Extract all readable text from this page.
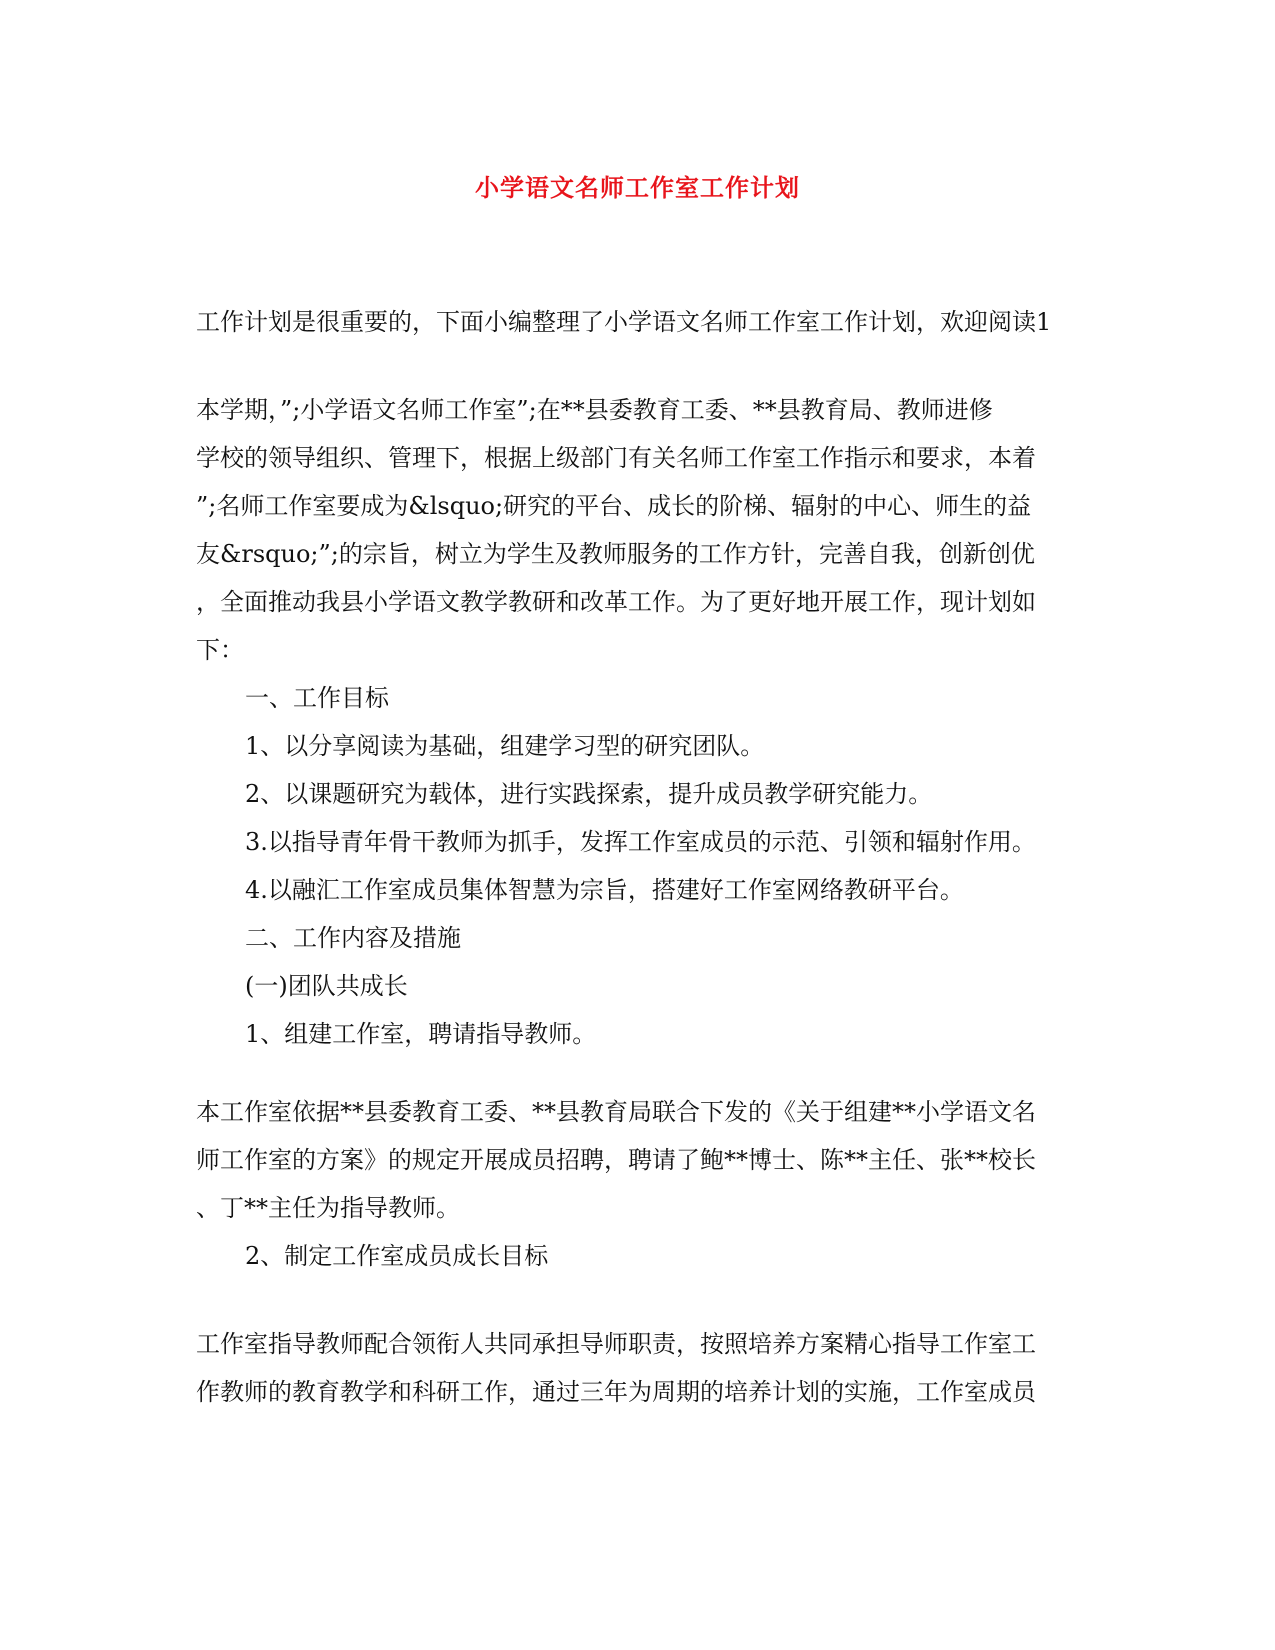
小学语文名师工作室工作计划
工作计划是很重要的，下面小编整理了小学语文名师工作室工作计划，欢迎阅读1
本学期，”;小学语文名师工作室”;在**县委教育工委、**县教育局、教师进修
学校的领导组织、管理下，根据上级部门有关名师工作室工作指示和要求，本着
”;名师工作室要成为&lsquo;研究的平台、成长的阶梯、辐射的中心、师生的益
友&rsquo;”;的宗旨，树立为学生及教师服务的工作方针，完善自我，创新创优
，全面推动我县小学语文教学教研和改革工作。为了更好地开展工作，现计划如
下：
一、工作目标
1、以分享阅读为基础，组建学习型的研究团队。
2、以课题研究为载体，进行实践探索，提升成员教学研究能力。
3.以指导青年骨干教师为抓手，发挥工作室成员的示范、引领和辐射作用。
4.以融汇工作室成员集体智慧为宗旨，搭建好工作室网络教研平台。
二、工作内容及措施
(一)团队共成长
1、组建工作室，聘请指导教师。
本工作室依据**县委教育工委、**县教育局联合下发的《关于组建**小学语文名
师工作室的方案》的规定开展成员招聘，聘请了鲍**博士、陈**主任、张**校长
、丁**主任为指导教师。
2、制定工作室成员成长目标
工作室指导教师配合领衔人共同承担导师职责，按照培养方案精心指导工作室工
作教师的教育教学和科研工作，通过三年为周期的培养计划的实施，工作室成员
